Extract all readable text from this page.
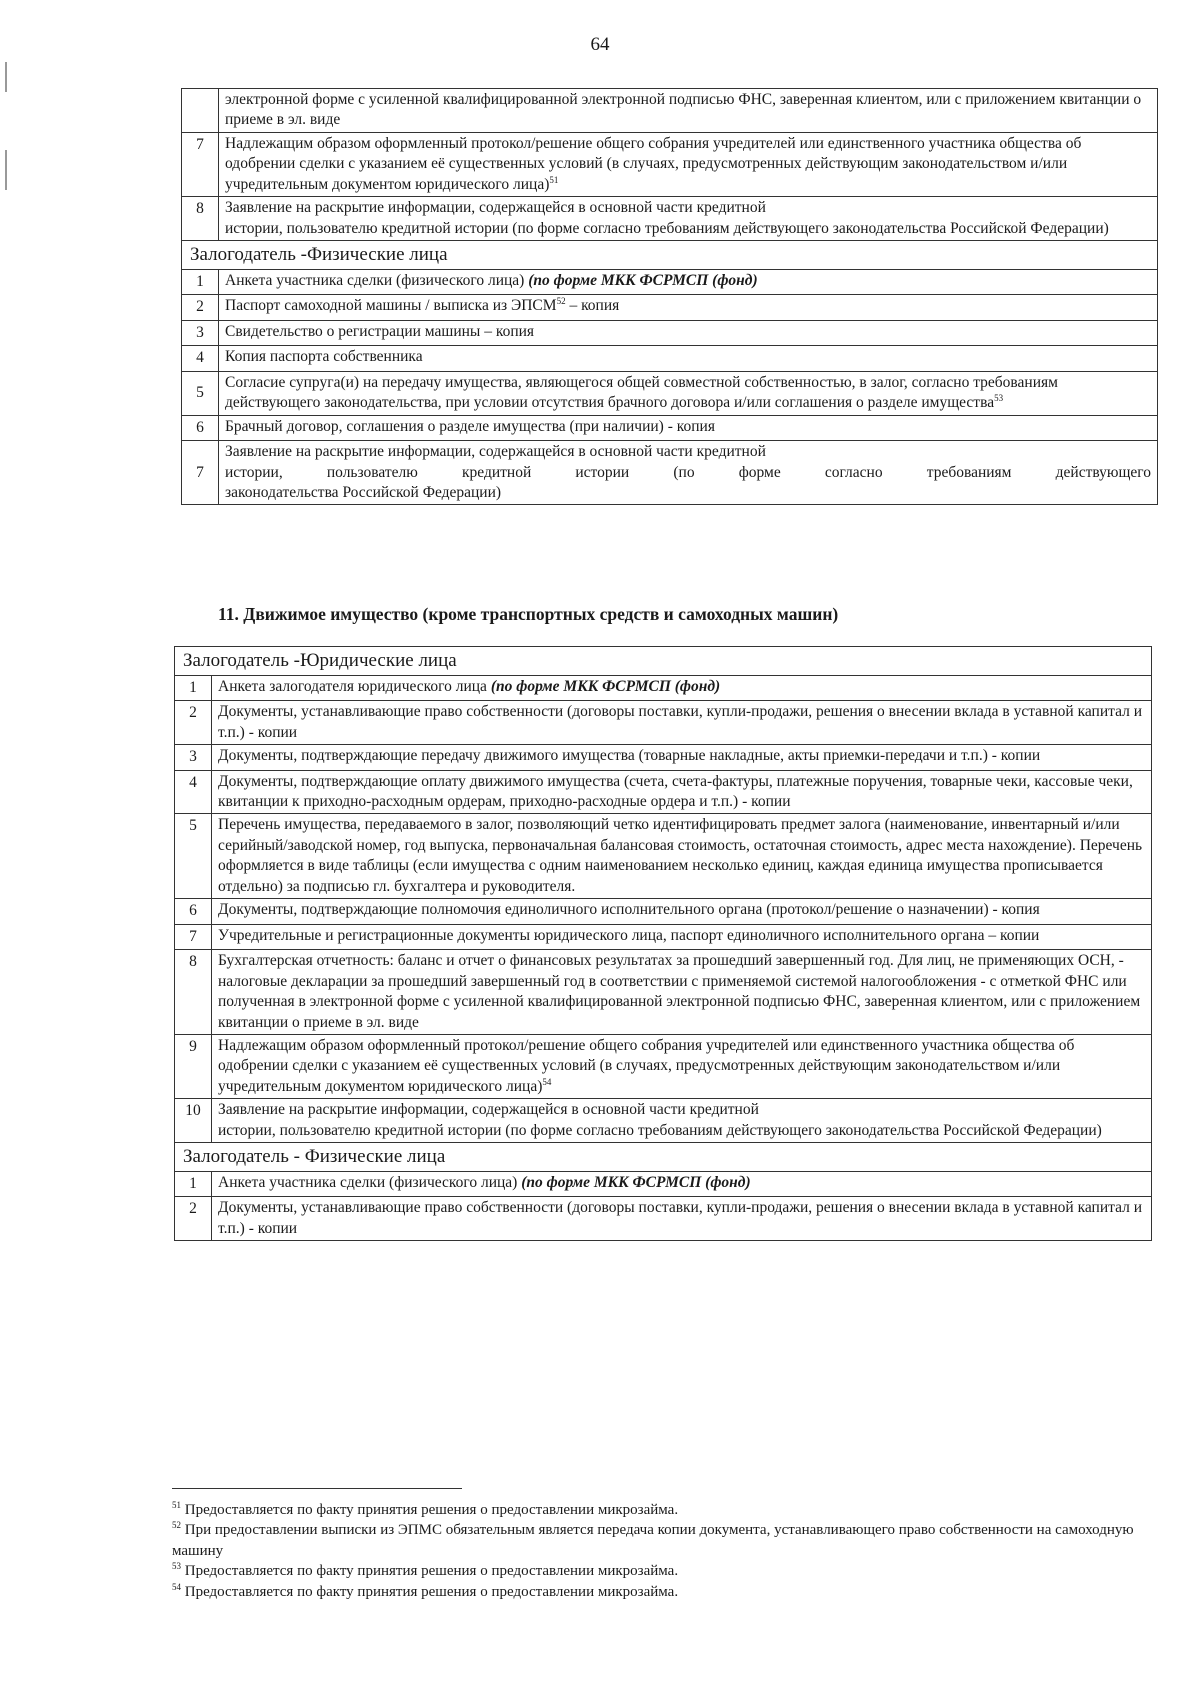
64
	электронной форме с усиленной квалифицированной электронной подписью ФНС, заверенная клиентом, или с приложением квитанции о приеме в эл. виде
7	Надлежащим образом оформленный протокол/решение общего собрания учредителей или единственного участника общества об одобрении сделки с указанием её существенных условий (в случаях, предусмотренных действующим законодательством и/или учредительным документом юридического лица)$^{51}$
8	Заявление на раскрытие информации, содержащейся в основной части кредитной
истории, пользователю кредитной истории (по форме согласно требованиям действующего законодательства Российской Федерации)
Залогодатель -Физические лица	
1	Анкета участника сделки (физического лица) (по форме МКК ФСРМСП (фонд)
2	Паспорт самоходной машины / выписка из ЭПСМ$^{52}$ – копия
3	Свидетельство о регистрации машины – копия
4	Копия паспорта собственника
5	Согласие супруга(и) на передачу имущества, являющегося общей совместной собственностью, в залог, согласно требованиям действующего законодательства, при условии отсутствия брачного договора и/или соглашения о разделе имущества$^{53}$
6	Брачный договор, соглашения о разделе имущества (при наличии) - копия
7	Заявление на раскрытие информации, содержащейся в основной части кредитной
истории, пользователю кредитной истории (по форме согласно требованиям действующего
законодательства Российской Федерации)
11. Движимое имущество (кроме транспортных средств и самоходных машин)
Залогодатель -Юридические лица	
1	Анкета залогодателя юридического лица (по форме МКК ФСРМСП (фонд)
2	Документы, устанавливающие право собственности (договоры поставки, купли-продажи, решения о внесении вклада в уставной капитал и т.п.) - копии
3	Документы, подтверждающие передачу движимого имущества (товарные накладные, акты приемки-передачи и т.п.) - копии
4	Документы, подтверждающие оплату движимого имущества (счета, счета-фактуры, платежные поручения, товарные чеки, кассовые чеки, квитанции к приходно-расходным ордерам, приходно-расходные ордера и т.п.) - копии
5	Перечень имущества, передаваемого в залог, позволяющий четко идентифицировать предмет залога (наименование, инвентарный и/или серийный/заводской номер, год выпуска, первоначальная балансовая стоимость, остаточная стоимость, адрес места нахождение). Перечень оформляется в виде таблицы (если имущества с одним наименованием несколько единиц, каждая единица имущества прописывается отдельно) за подписью гл. бухгалтера и руководителя.
6	Документы, подтверждающие полномочия единоличного исполнительного органа (протокол/решение о назначении) - копия
7	Учредительные и регистрационные документы юридического лица, паспорт единоличного исполнительного органа – копии
8	Бухгалтерская отчетность: баланс и отчет о финансовых результатах за прошедший завершенный год. Для лиц, не применяющих ОСН, - налоговые декларации за прошедший завершенный год в соответствии с применяемой системой налогообложения - с отметкой ФНС или полученная в электронной форме с усиленной квалифицированной электронной подписью ФНС, заверенная клиентом, или с приложением квитанции о приеме в эл. виде
9	Надлежащим образом оформленный протокол/решение общего собрания учредителей или единственного участника общества об одобрении сделки с указанием её существенных условий (в случаях, предусмотренных действующим законодательством и/или учредительным документом юридического лица)$^{54}$
10	Заявление на раскрытие информации, содержащейся в основной части кредитной
истории, пользователю кредитной истории (по форме согласно требованиям действующего законодательства Российской Федерации)
Залогодатель - Физические лица	
1	Анкета участника сделки (физического лица) (по форме МКК ФСРМСП (фонд)
2	Документы, устанавливающие право собственности (договоры поставки, купли-продажи, решения о внесении вклада в уставной капитал и т.п.) - копии

$^{51}$ Предоставляется по факту принятия решения о предоставлении микрозайма.

$^{52}$ При предоставлении выписки из ЭПМС обязательным является передача копии документа, устанавливающего право собственности на самоходную машину

$^{53}$ Предоставляется по факту принятия решения о предоставлении микрозайма.

$^{54}$ Предоставляется по факту принятия решения о предоставлении микрозайма.
